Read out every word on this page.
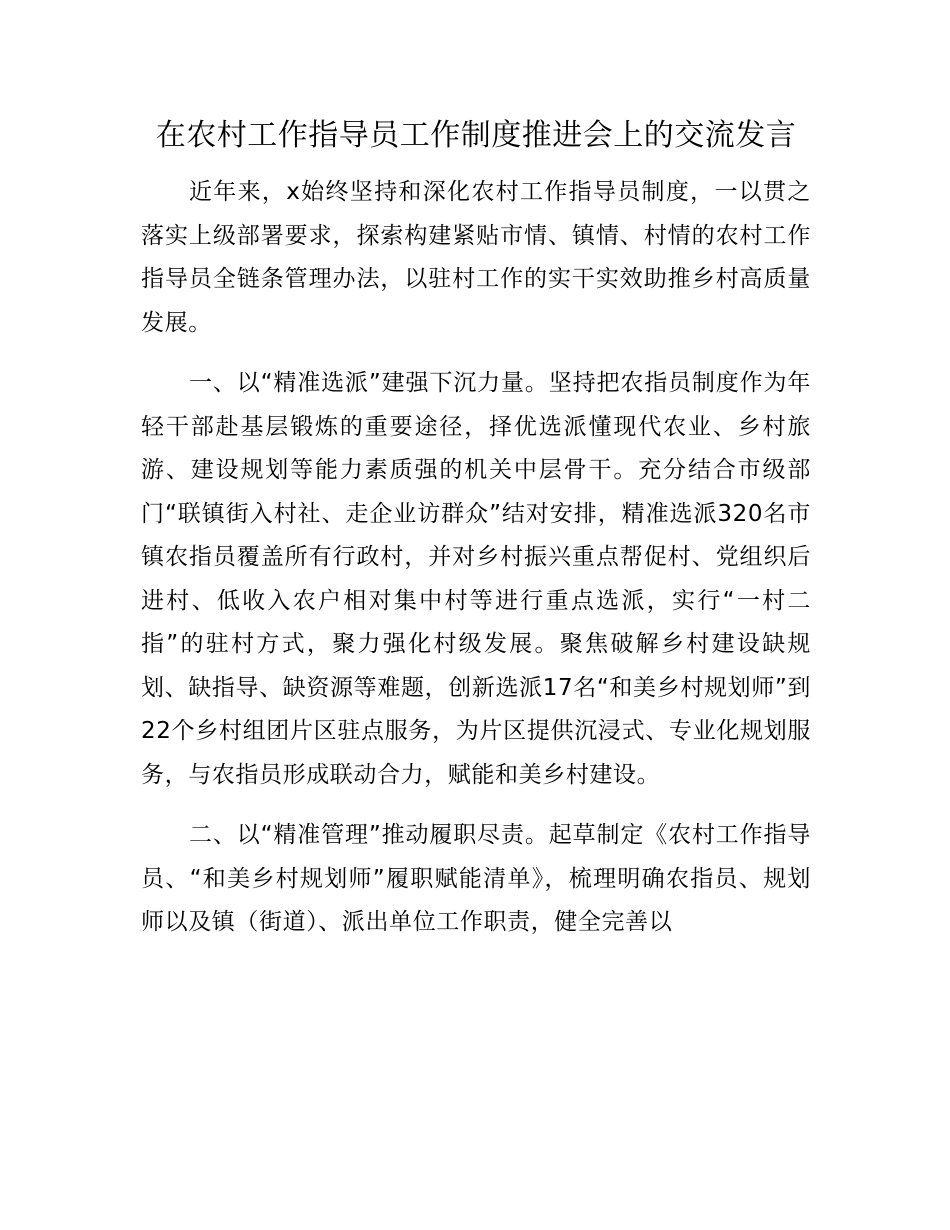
在农村工作指导员工作制度推进会上的交流发言

近年来，x始终坚持和深化农村工作指导员制度，一以贯之落实上级部署要求，探索构建紧贴市情、镇情、村情的农村工作指导员全链条管理办法，以驻村工作的实干实效助推乡村高质量发展。

一、以“精准选派”建强下沉力量。坚持把农指员制度作为年轻干部赴基层锻炼的重要途径，择优选派懂现代农业、乡村旅游、建设规划等能力素质强的机关中层骨干。充分结合市级部门“联镇街入村社、走企业访群众”结对安排，精准选派320名市镇农指员覆盖所有行政村，并对乡村振兴重点帮促村、党组织后进村、低收入农户相对集中村等进行重点选派，实行“一村二指”的驻村方式，聚力强化村级发展。聚焦破解乡村建设缺规划、缺指导、缺资源等难题，创新选派17名“和美乡村规划师”到22个乡村组团片区驻点服务，为片区提供沉浸式、专业化规划服务，与农指员形成联动合力，赋能和美乡村建设。

二、以“精准管理”推动履职尽责。起草制定《农村工作指导员、“和美乡村规划师”履职赋能清单》，梳理明确农指员、规划师以及镇（街道）、派出单位工作职责，健全完善以
